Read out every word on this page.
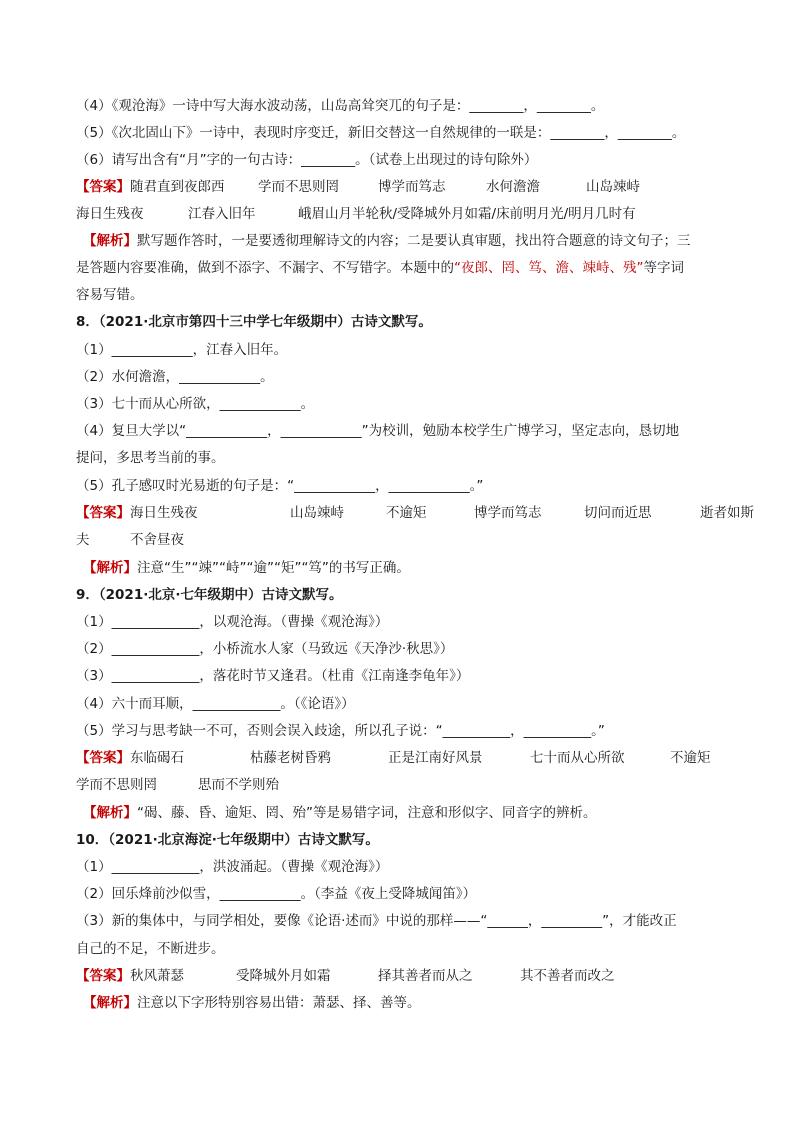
（4）《观沧海》一诗中写大海水波动荡，山岛高耸突兀的句子是：________，________。
（5）《次北固山下》一诗中，表现时序变迁，新旧交替这一自然规律的一联是：________，________。
（6）请写出含有“月”字的一句古诗：________。（试卷上出现过的诗句除外）
【答案】随君直到夜郎西 学而不思则罔	博学而笃志	水何澹澹	山岛竦峙
海日生残夜	江春入旧年	峨眉山月半轮秋/受降城外月如霜/床前明月光/明月几时有
【解析】默写题作答时，一是要透彻理解诗文的内容；二是要认真审题，找出符合题意的诗文句子；三
是答题内容要准确，做到不添字、不漏字、不写错字。本题中的“夜郎、罔、笃、澹、竦峙、残”等字词
容易写错。
8．（2021·北京市第四十三中学七年级期中）古诗文默写。
（1）____________，江春入旧年。
（2）水何澹澹，____________。
（3）七十而从心所欲，____________。
（4）复旦大学以“____________，____________”为校训，勉励本校学生广博学习，坚定志向，恳切地
提问，多思考当前的事。
（5）孔子感叹时光易逝的句子是：“____________，____________。”
【答案】海日生残夜	山岛竦峙	不逾矩	博学而笃志	切问而近思	逝者如斯
夫	不舍昼夜
【解析】注意“生”“竦”“峙”“逾”“矩”“笃”的书写正确。
9．（2021·北京·七年级期中）古诗文默写。
（1）_____________，以观沧海。（曹操《观沧海》）
（2）_____________，小桥流水人家（马致远《天净沙·秋思》）
（3）_____________，落花时节又逢君。（杜甫《江南逢李龟年》）
（4）六十而耳顺，_____________。（《论语》）
（5）学习与思考缺一不可，否则会误入歧途，所以孔子说：“__________，__________。”
【答案】东临碣石	枯藤老树昏鸦	正是江南好风景	七十而从心所欲	不逾矩
学而不思则罔	思而不学则殆
【解析】“碣、藤、昏、逾矩、罔、殆”等是易错字词，注意和形似字、同音字的辨析。
10．（2021·北京海淀·七年级期中）古诗文默写。
（1）_____________，洪波涌起。（曹操《观沧海》）
（2）回乐烽前沙似雪，____________。（李益《夜上受降城闻笛》）
（3）新的集体中，与同学相处，要像《论语·述而》中说的那样——“______，_________”，才能改正
自己的不足，不断进步。
【答案】秋风萧瑟	受降城外月如霜	择其善者而从之	其不善者而改之
【解析】注意以下字形特别容易出错：萧瑟、择、善等。
